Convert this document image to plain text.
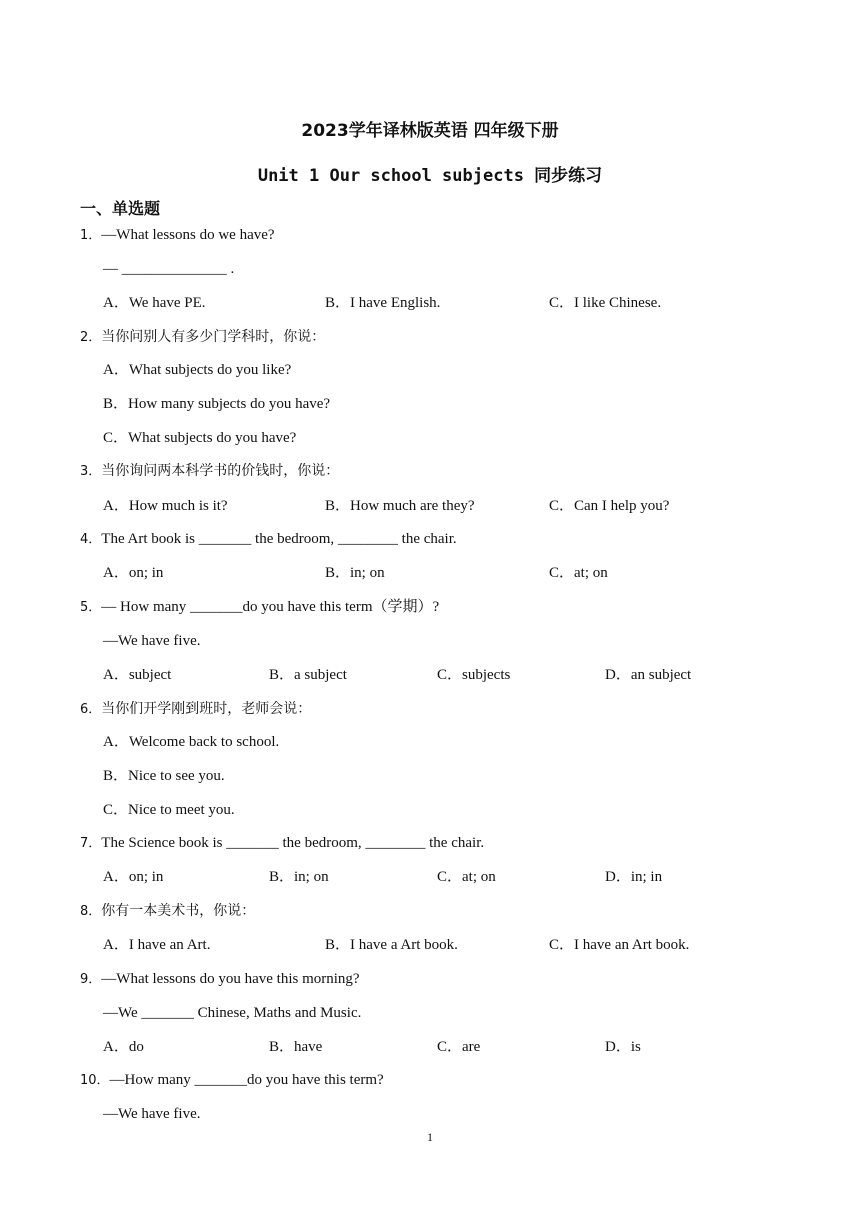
2023学年译林版英语 四年级下册
Unit 1 Our school subjects 同步练习
一、单选题
1．—What lessons do we have?
— ______________ .
A．We have PE.	B．I have English.	C．I like Chinese.
2．当你问别人有多少门学科时，你说：
A．What subjects do you like?
B．How many subjects do you have?
C．What subjects do you have?
3．当你询问两本科学书的价钱时，你说：
A．How much is it?	B．How much are they?	C．Can I help you?
4．The Art book is _______ the bedroom, ________ the chair.
A．on; in	B．in; on	C．at; on
5．— How many _______do you have this term（学期）?
—We have five.
A．subject	B．a subject	C．subjects	D．an subject
6．当你们开学刚到班时，老师会说：
A．Welcome back to school.
B．Nice to see you.
C．Nice to meet you.
7．The Science book is _______ the bedroom, ________ the chair.
A．on; in	B．in; on	C．at; on	D．in; in
8．你有一本美术书，你说：
A．I have an Art.	B．I have a Art book.	C．I have an Art book.
9．—What lessons do you have this morning?
—We _______ Chinese, Maths and Music.
A．do	B．have	C．are	D．is
10．—How many _______do you have this term?
—We have five.
1
